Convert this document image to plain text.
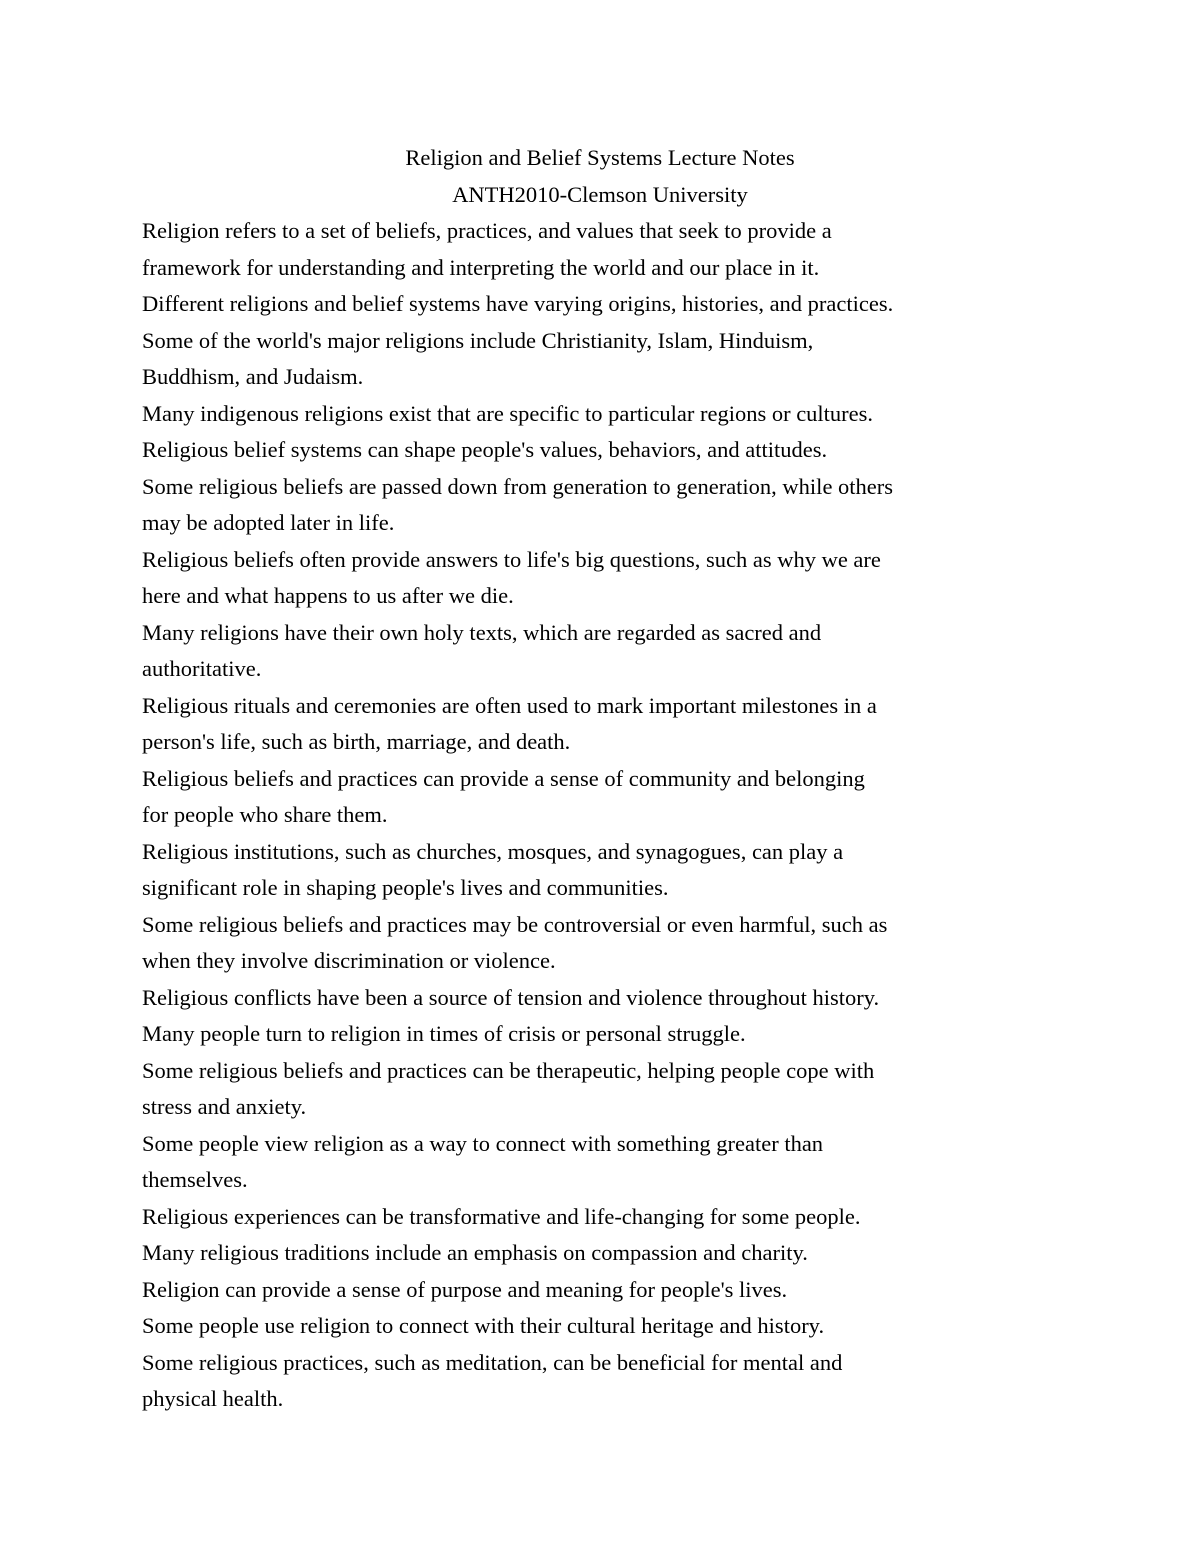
Religion and Belief Systems Lecture Notes

ANTH2010-Clemson University

Religion refers to a set of beliefs, practices, and values that seek to provide a

framework for understanding and interpreting the world and our place in it.

Different religions and belief systems have varying origins, histories, and practices.

Some of the world's major religions include Christianity, Islam, Hinduism,

Buddhism, and Judaism.

Many indigenous religions exist that are specific to particular regions or cultures.

Religious belief systems can shape people's values, behaviors, and attitudes.

Some religious beliefs are passed down from generation to generation, while others

may be adopted later in life.

Religious beliefs often provide answers to life's big questions, such as why we are

here and what happens to us after we die.

Many religions have their own holy texts, which are regarded as sacred and

authoritative.

Religious rituals and ceremonies are often used to mark important milestones in a

person's life, such as birth, marriage, and death.

Religious beliefs and practices can provide a sense of community and belonging

for people who share them.

Religious institutions, such as churches, mosques, and synagogues, can play a

significant role in shaping people's lives and communities.

Some religious beliefs and practices may be controversial or even harmful, such as

when they involve discrimination or violence.

Religious conflicts have been a source of tension and violence throughout history.

Many people turn to religion in times of crisis or personal struggle.

Some religious beliefs and practices can be therapeutic, helping people cope with

stress and anxiety.

Some people view religion as a way to connect with something greater than

themselves.

Religious experiences can be transformative and life-changing for some people.

Many religious traditions include an emphasis on compassion and charity.

Religion can provide a sense of purpose and meaning for people's lives.

Some people use religion to connect with their cultural heritage and history.

Some religious practices, such as meditation, can be beneficial for mental and

physical health.
